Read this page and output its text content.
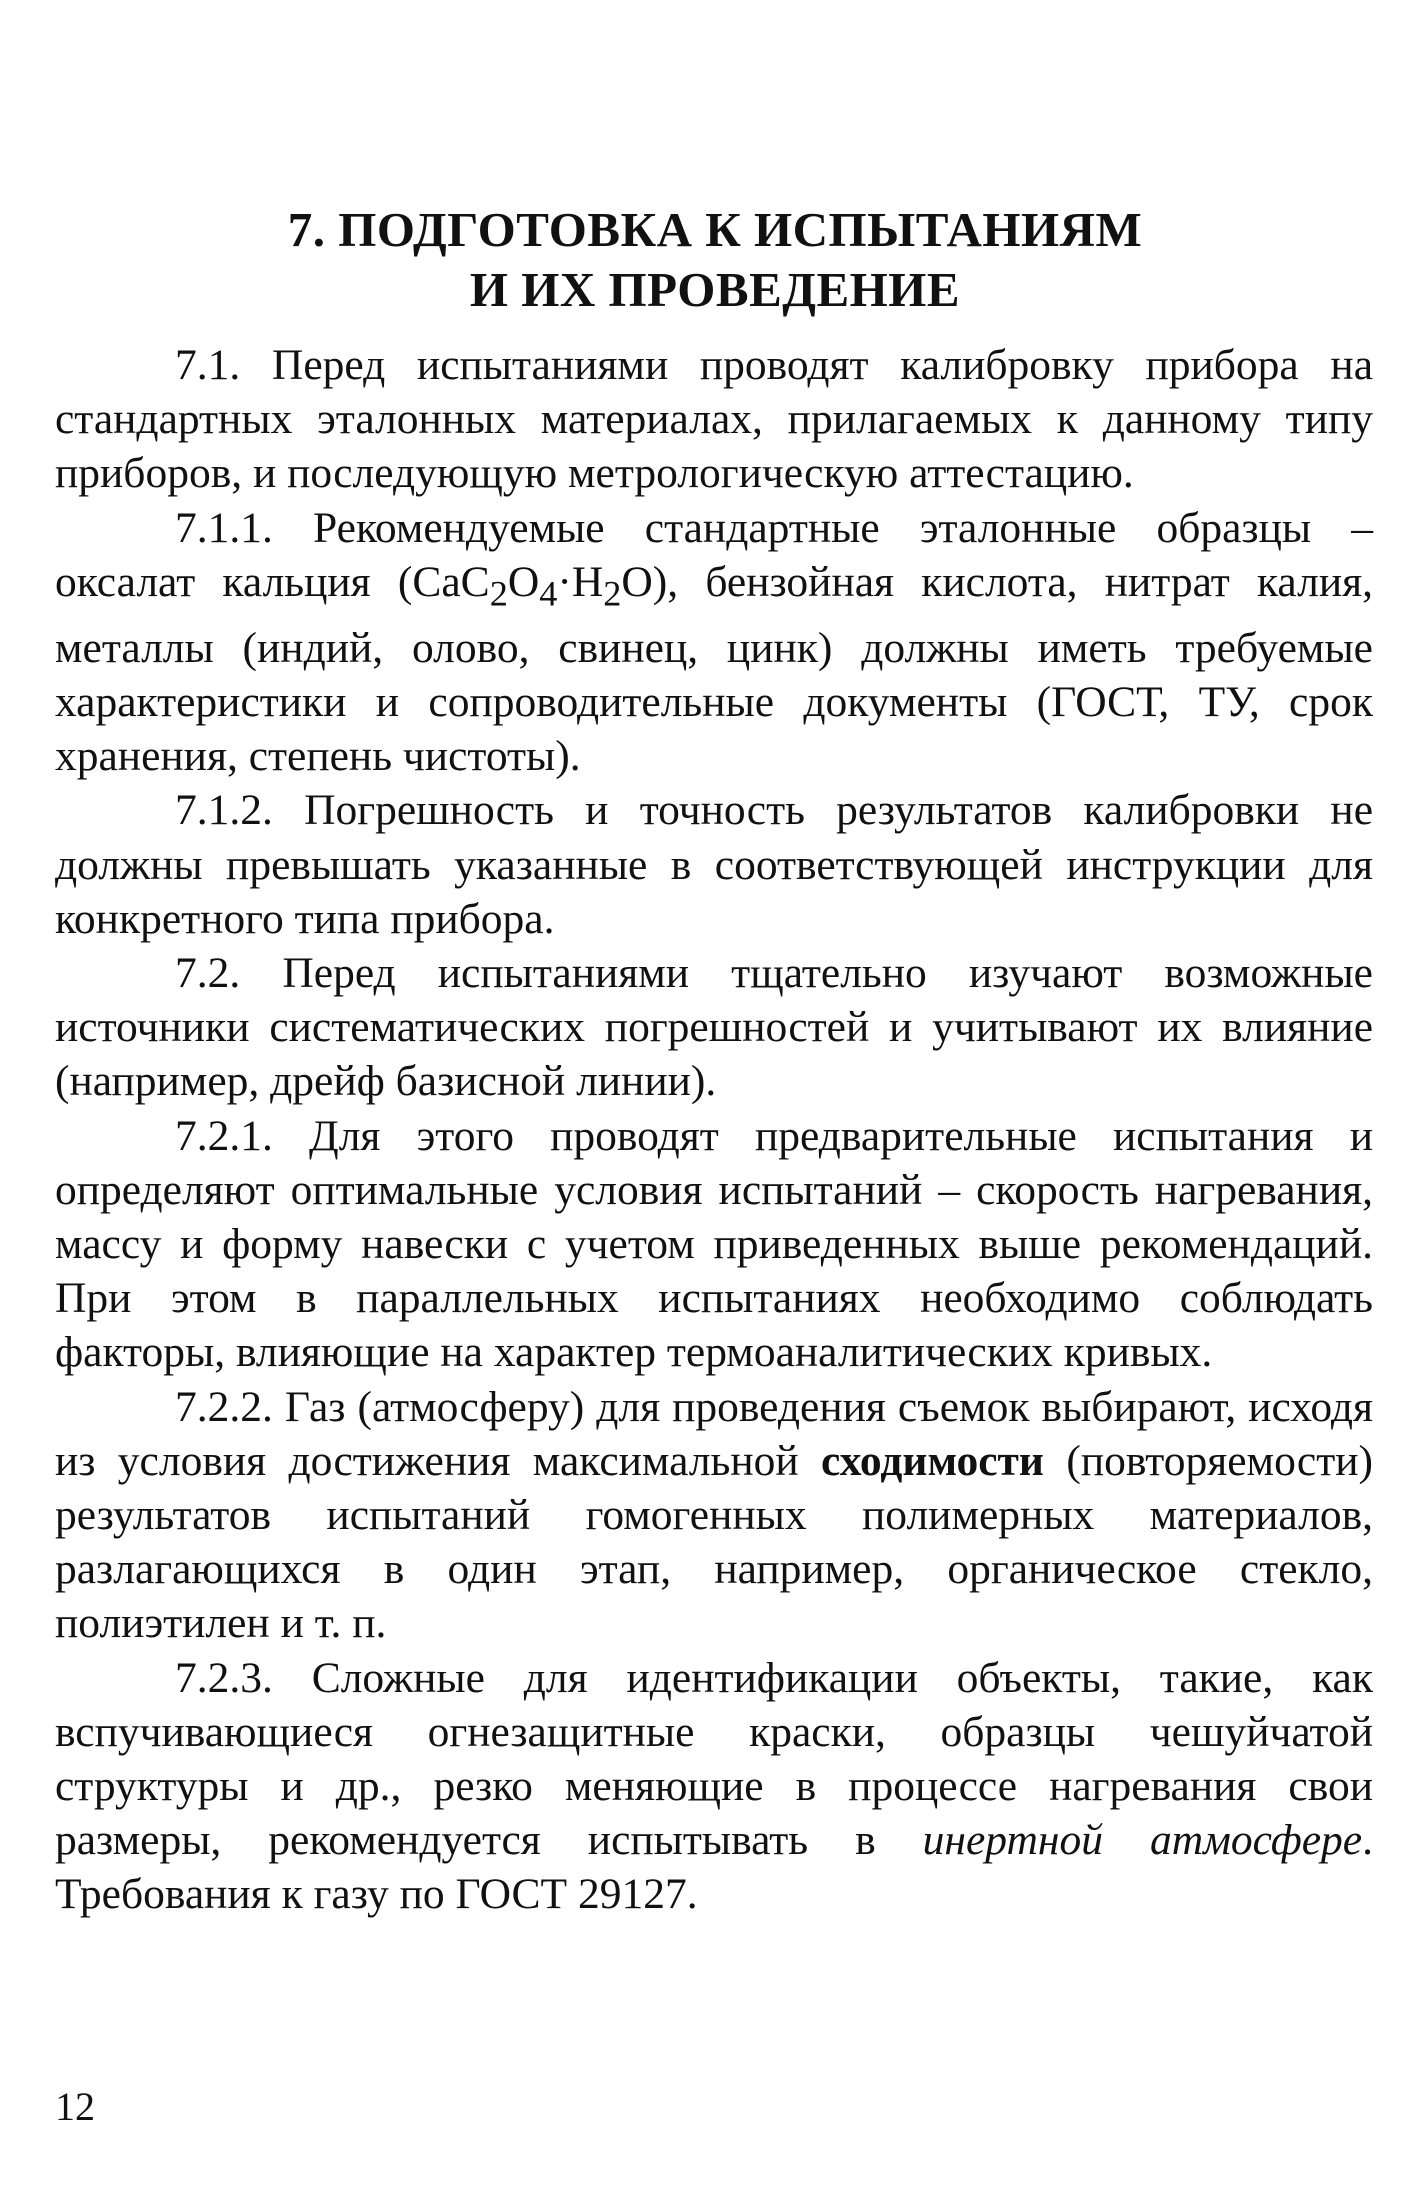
7. ПОДГОТОВКА К ИСПЫТАНИЯМ
И ИХ ПРОВЕДЕНИЕ

7.1. Перед испытаниями проводят калибровку прибора на стандартных эталонных материалах, прилагаемых к данному типу приборов, и последующую метрологическую аттестацию.

7.1.1. Рекомендуемые стандартные эталонные образцы – оксалат кальция $(CaC_2O_4\cdot H_2O)$, бензойная кислота, нитрат калия, металлы (индий, олово, свинец, цинк) должны иметь требуемые характеристики и сопроводительные документы (ГОСТ, ТУ, срок хранения, степень чистоты).

7.1.2. Погрешность и точность результатов калибровки не должны превышать указанные в соответствующей инструкции для конкретного типа прибора.

7.2. Перед испытаниями тщательно изучают возможные источники систематических погрешностей и учитывают их влияние (например, дрейф базисной линии).

7.2.1. Для этого проводят предварительные испытания и определяют оптимальные условия испытаний – скорость нагревания, массу и форму навески с учетом приведенных выше рекомендаций. При этом в параллельных испытаниях необходимо соблюдать факторы, влияющие на характер термоаналитических кривых.

7.2.2. Газ (атмосферу) для проведения съемок выбирают, исходя из условия достижения максимальной сходимости (повторяемости) результатов испытаний гомогенных полимерных материалов, разлагающихся в один этап, например, органическое стекло, полиэтилен и т. п.

7.2.3. Сложные для идентификации объекты, такие, как вспучивающиеся огнезащитные краски, образцы чешуйчатой структуры и др., резко меняющие в процессе нагревания свои размеры, рекомендуется испытывать в инертной атмосфере. Требования к газу по ГОСТ 29127.

12
